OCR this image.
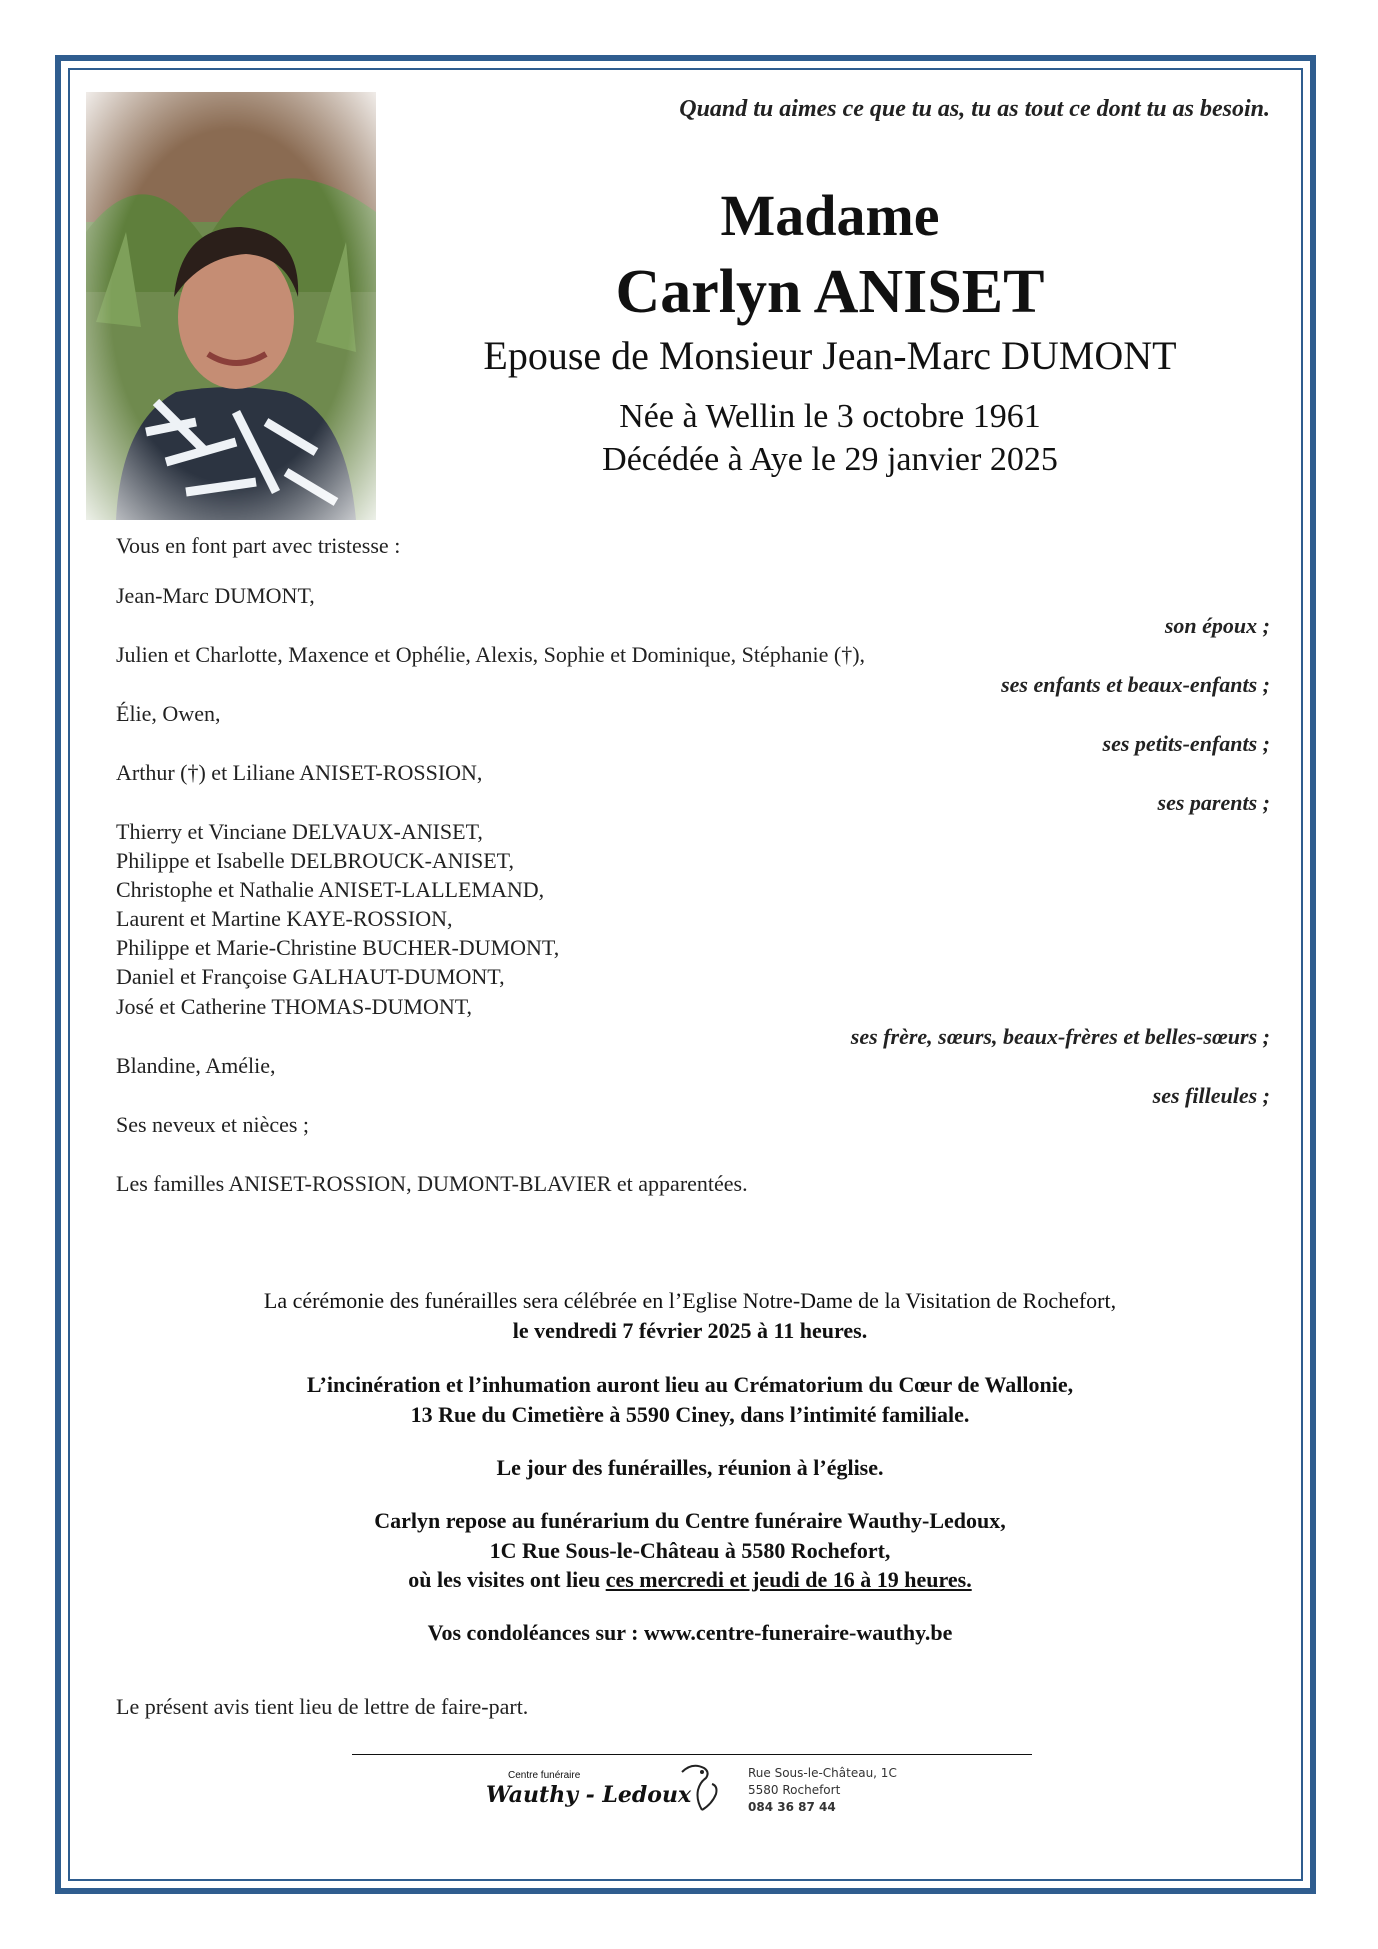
Quand tu aimes ce que tu as, tu as tout ce dont tu as besoin.
Madame
Carlyn ANISET
Epouse de Monsieur Jean-Marc DUMONT
Née à Wellin le 3 octobre 1961
Décédée à Aye le 29 janvier 2025
Vous en font part avec tristesse :
Jean-Marc DUMONT,
son époux ;
Julien et Charlotte, Maxence et Ophélie, Alexis, Sophie et Dominique, Stéphanie (†),
ses enfants et beaux-enfants ;
Élie, Owen,
ses petits-enfants ;
Arthur (†) et Liliane ANISET-ROSSION,
ses parents ;
Thierry et Vinciane DELVAUX-ANISET,
Philippe et Isabelle DELBROUCK-ANISET,
Christophe et Nathalie ANISET-LALLEMAND,
Laurent et Martine KAYE-ROSSION,
Philippe et Marie-Christine BUCHER-DUMONT,
Daniel et Françoise GALHAUT-DUMONT,
José et Catherine THOMAS-DUMONT,
ses frère, sœurs, beaux-frères et belles-sœurs ;
Blandine, Amélie,
ses filleules ;
Ses neveux et nièces ;
Les familles ANISET-ROSSION, DUMONT-BLAVIER et apparentées.
La cérémonie des funérailles sera célébrée en l’Eglise Notre-Dame de la Visitation de Rochefort,
le vendredi 7 février 2025 à 11 heures.
L’incinération et l’inhumation auront lieu au Crématorium du Cœur de Wallonie,
13 Rue du Cimetière à 5590 Ciney, dans l’intimité familiale.
Le jour des funérailles, réunion à l’église.
Carlyn repose au funérarium du Centre funéraire Wauthy-Ledoux,
1C Rue Sous-le-Château à 5580 Rochefort,
où les visites ont lieu ces mercredi et jeudi de 16 à 19 heures.
Vos condoléances sur : www.centre-funeraire-wauthy.be
Le présent avis tient lieu de lettre de faire-part.
Centre funéraire
Wauthy - Ledoux
Rue Sous-le-Château, 1C
5580 Rochefort
084 36 87 44
